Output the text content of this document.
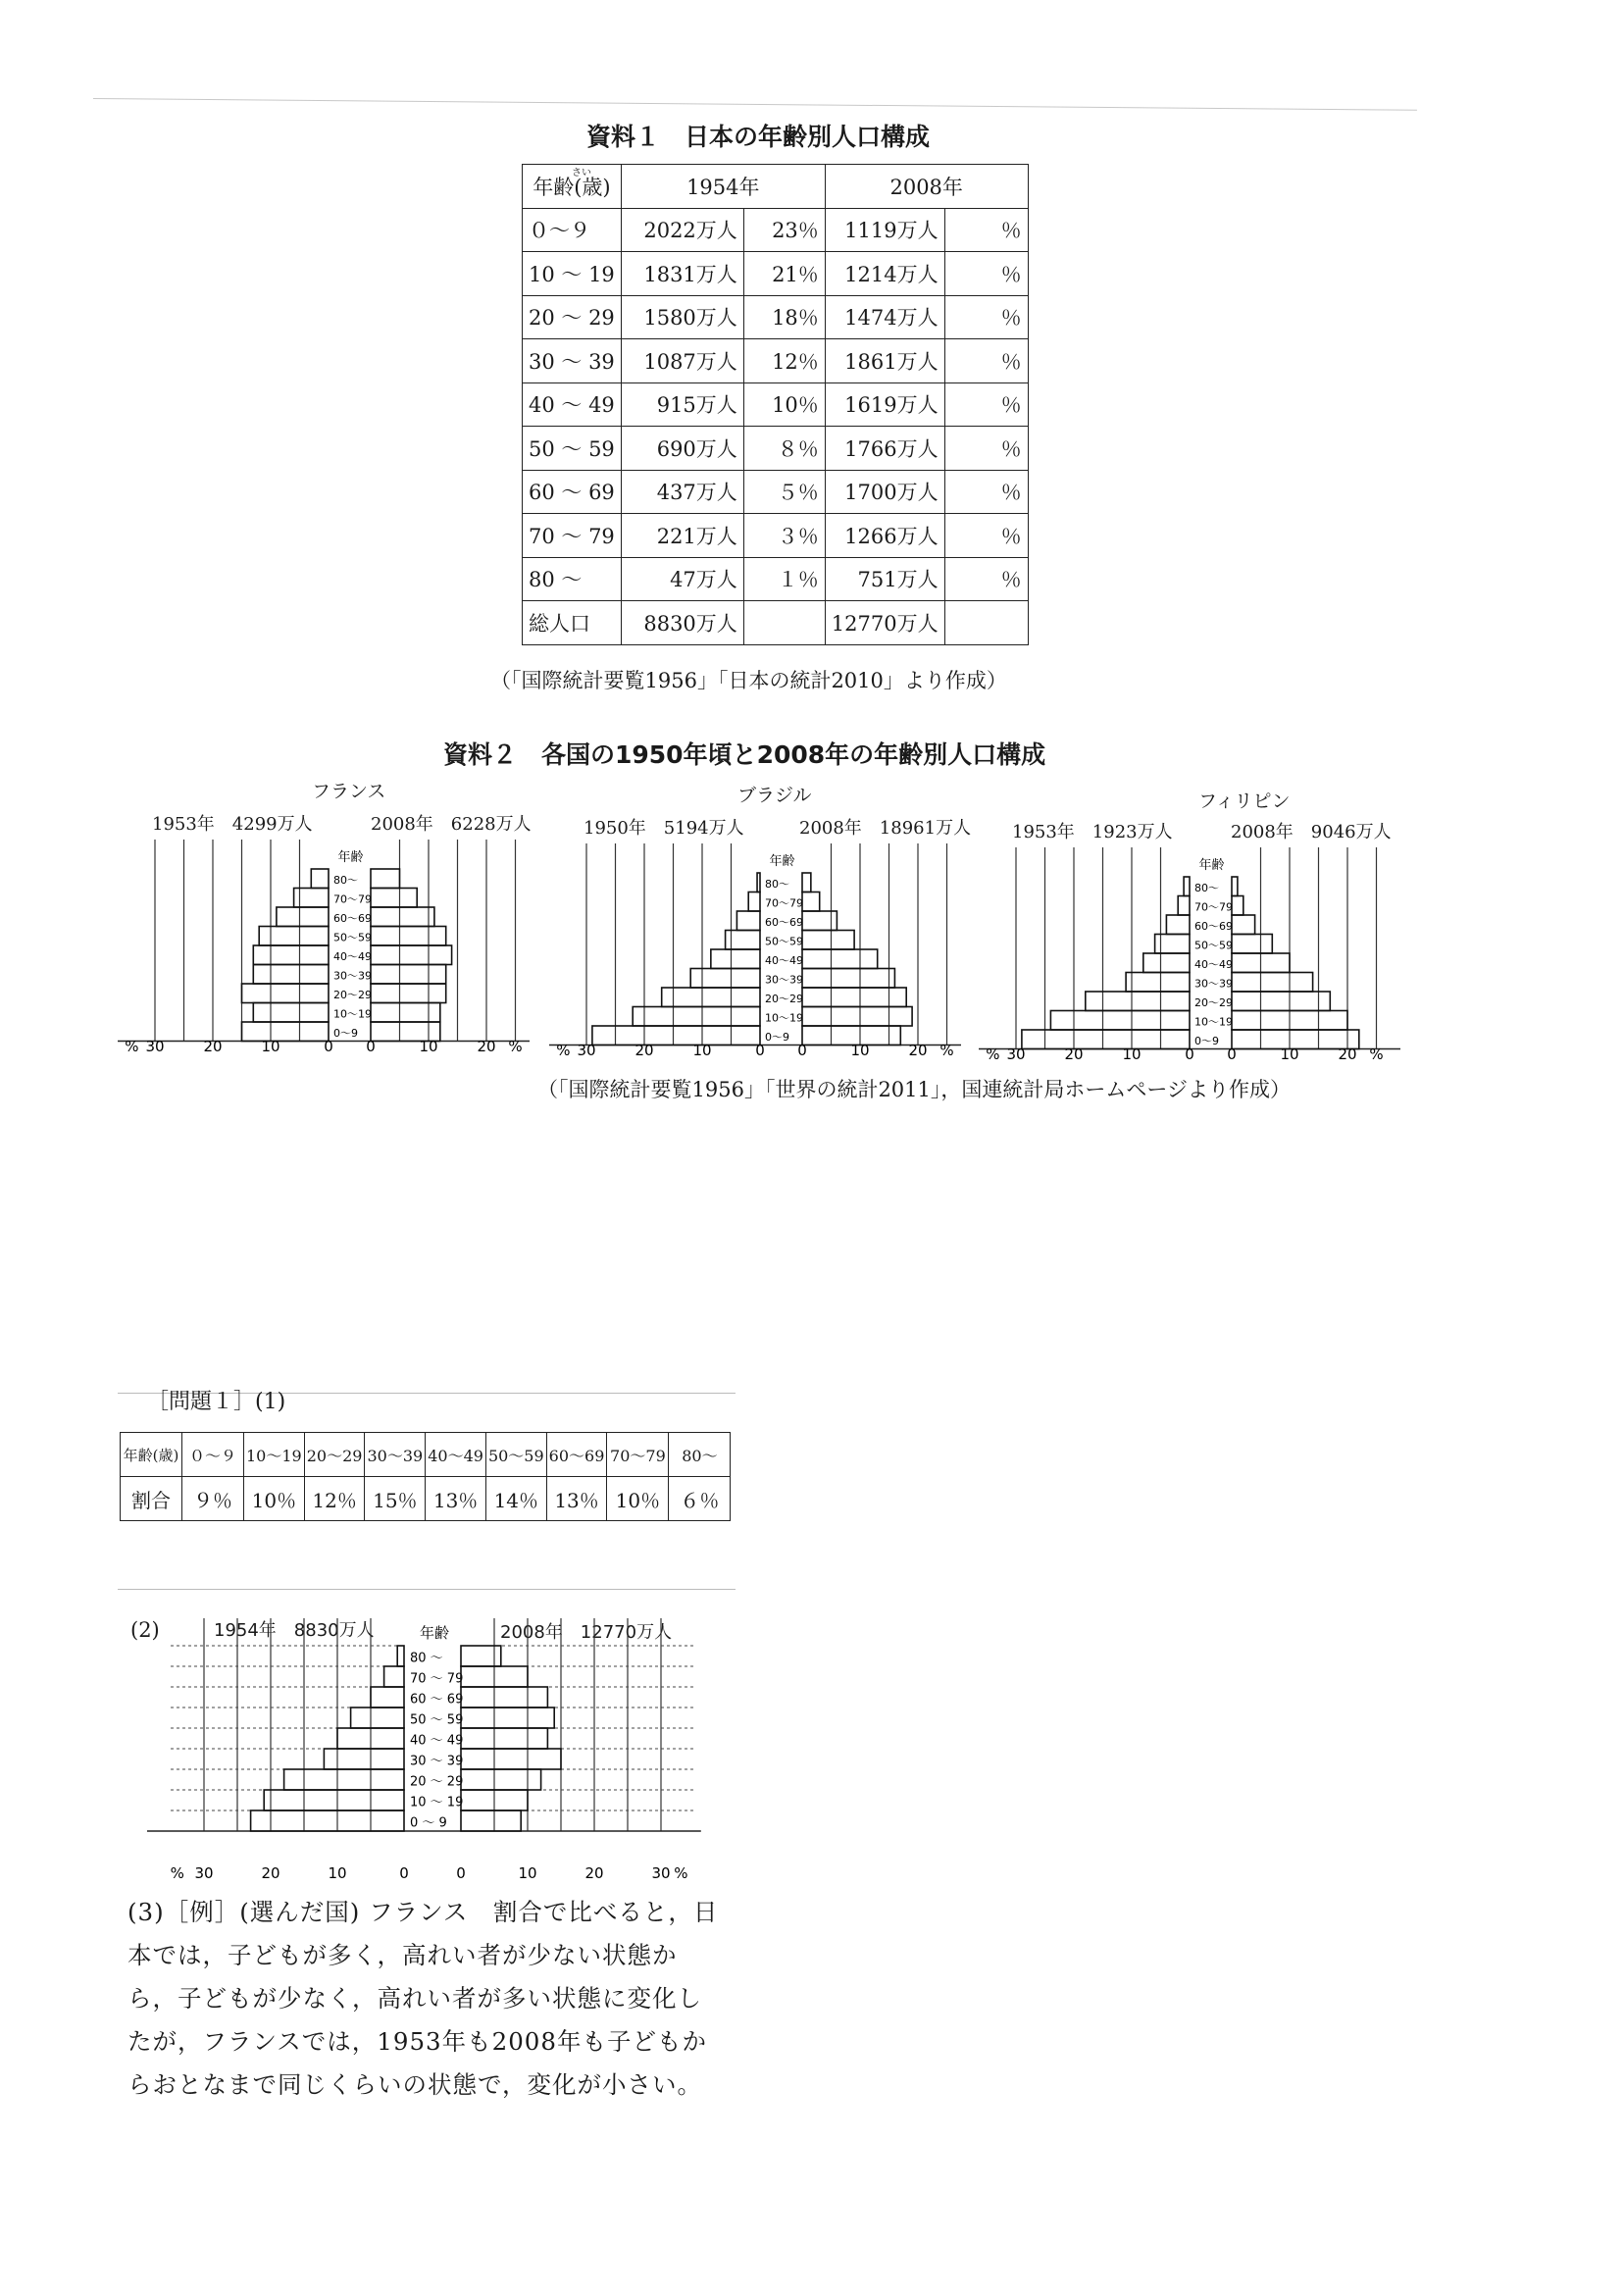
資料１　日本の年齢別人口構成
年齢(歳)
さい	1954年		2008年	
０～９	2022万人	23％	1119万人	％
10 ～ 19	1831万人	21％	1214万人	％
20 ～ 29	1580万人	18％	1474万人	％
30 ～ 39	1087万人	12％	1861万人	％
40 ～ 49	915万人	10％	1619万人	％
50 ～ 59	690万人	８％	1766万人	％
60 ～ 69	437万人	５％	1700万人	％
70 ～ 79	221万人	３％	1266万人	％
80 ～	47万人	１％	751万人	％
総人口	8830万人		12770万人	
（「国際統計要覧1956」「日本の統計2010」より作成）
資料２　各国の1950年頃と2008年の年齢別人口構成
フランス	ブラジル	フィリピン
1953年　4299万人	2008年　6228万人	1950年　5194万人	2008年　18961万人 1953年　1923万人	2008年　9046万人
年齢
80～
70～79
60～69
50～59
40～49
30～39
20～29
10～19
0～9
% 30	20	10	0 0	10	20 %
年齢
80～
70～79
60～69
50～59
40～49
30～39
20～29
10～19
0～9
% 30	20	10	0 0	10	20 %
年齢
80～
70～79
60～69
50～59
40～49
30～39
20～29
10～19
0～9
% 30	20	10	0 0	10	20 %
（「国際統計要覧1956」「世界の統計2011」，国連統計局ホームページより作成）
［問題１］(1)
年齢(歳)	０～９	10～19	20～29	30～39	40～49	50～59	60～69	70～79	80～
割合	９％	10％	12％	15％	13％	14％	13％	10％	６％
(2)	1954年　8830万人	2008年　12770万人
年齢
80 ～
70 ～ 79
60 ～ 69
50 ～ 59
40 ～ 49
30 ～ 39
20 ～ 29
10 ～ 19
0 ～ 9
% 30	20	10	0	0	10	20	30 %
(3)［例］(選んだ国) フランス　割合で比べると，日本では，子どもが多く，高れい者が少ない状態から，子どもが少なく，高れい者が多い状態に変化したが，フランスでは，1953年も2008年も子どもからおとなまで同じくらいの状態で，変化が小さい。
